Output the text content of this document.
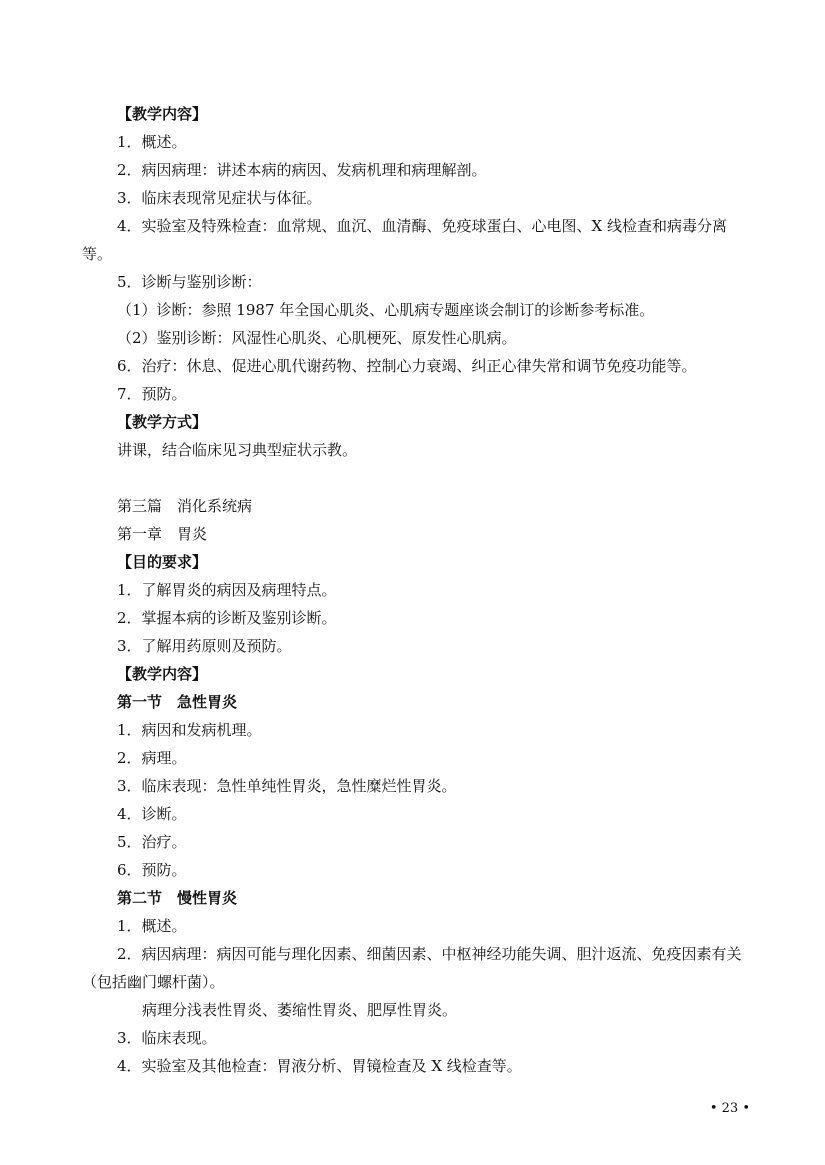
【教学内容】
1．概述。
2．病因病理：讲述本病的病因、发病机理和病理解剖。
3．临床表现常见症状与体征。
4．实验室及特殊检查：血常规、血沉、血清酶、免疫球蛋白、心电图、X 线检查和病毒分离等。
5．诊断与鉴别诊断：
（1）诊断：参照 1987 年全国心肌炎、心肌病专题座谈会制订的诊断参考标准。
（2）鉴别诊断：风湿性心肌炎、心肌梗死、原发性心肌病。
6．治疗：休息、促进心肌代谢药物、控制心力衰竭、纠正心律失常和调节免疫功能等。
7．预防。
【教学方式】
讲课，结合临床见习典型症状示教。
第三篇　消化系统病
第一章　胃炎
【目的要求】
1．了解胃炎的病因及病理特点。
2．掌握本病的诊断及鉴别诊断。
3．了解用药原则及预防。
【教学内容】
第一节　急性胃炎
1．病因和发病机理。
2．病理。
3．临床表现：急性单纯性胃炎，急性糜烂性胃炎。
4．诊断。
5．治疗。
6．预防。
第二节　慢性胃炎
1．概述。
2．病因病理：病因可能与理化因素、细菌因素、中枢神经功能失调、胆汁返流、免疫因素有关（包括幽门螺杆菌）。
病理分浅表性胃炎、萎缩性胃炎、肥厚性胃炎。
3．临床表现。
4．实验室及其他检查：胃液分析、胃镜检查及 X 线检查等。
• 23 •
